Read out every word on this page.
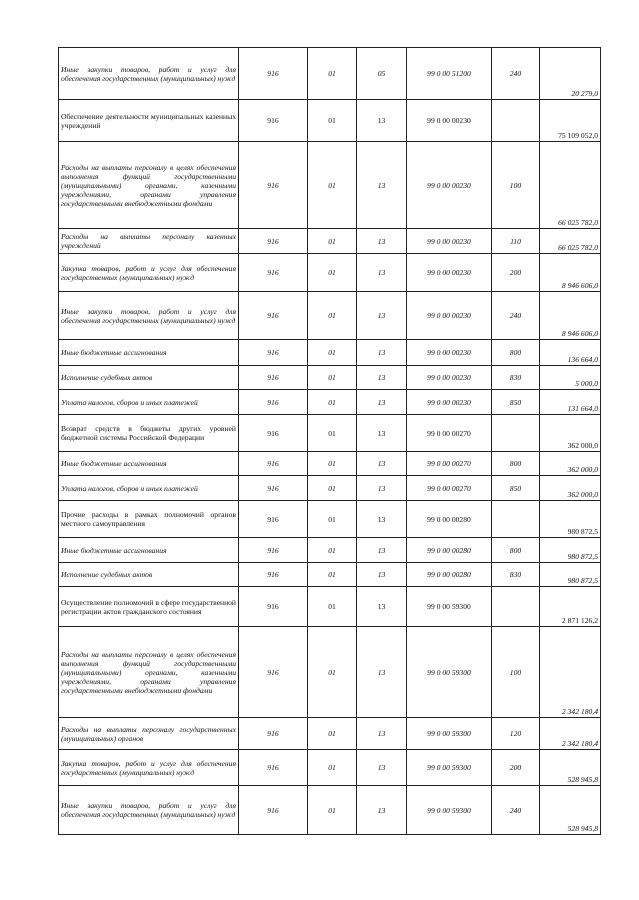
Иные закупки товаров, работ и услуг для обеспечения государственных (муниципальных) нужд	916	01	05	99 0 00 51200	240	20 279,0
Обеспечение деятельности муниципальных казенных учреждений	916	01	13	99 0 00 00230		75 109 052,0
Расходы на выплаты персоналу в целях обеспечения выполнения функций государственными (муниципальными) органами, казенными учреждениями, органами управления государственными внебюджетными фондами	916	01	13	99 0 00 00230	100	66 025 782,0
Расходы на выплаты персоналу казенных учреждений	916	01	13	99 0 00 00230	110	66 025 782,0
Закупка товаров, работ и услуг для обеспечения государственных (муниципальных) нужд	916	01	13	99 0 00 00230	200	8 946 606,0
Иные закупки товаров, работ и услуг для обеспечения государственных (муниципальных) нужд	916	01	13	99 0 00 00230	240	8 946 606,0
Иные бюджетные ассигнования	916	01	13	99 0 00 00230	800	136 664,0
Исполнение судебных актов	916	01	13	99 0 00 00230	830	5 000,0
Уплата налогов, сборов и иных платежей	916	01	13	99 0 00 00230	850	131 664,0
Возврат средств в бюджеты других уровней бюджетной системы Российской Федерации	916	01	13	99 0 00 00270		362 000,0
Иные бюджетные ассигнования	916	01	13	99 0 00 00270	800	362 000,0
Уплата налогов, сборов и иных платежей	916	01	13	99 0 00 00270	850	362 000,0
Прочие расходы в рамках полномочий органов местного самоуправления	916	01	13	99 0 00 00280		980 872,5
Иные бюджетные ассигнования	916	01	13	99 0 00 00280	800	980 872,5
Исполнение судебных актов	916	01	13	99 0 00 00280	830	980 872,5
Осуществление полномочий в сфере государственной регистрации актов гражданского состояния	916	01	13	99 0 00 59300		2 871 126,2
Расходы на выплаты персоналу в целях обеспечения выполнения функций государственными (муниципальными) органами, казенными учреждениями, органами управления государственными внебюджетными фондами	916	01	13	99 0 00 59300	100	2 342 180,4
Расходы на выплаты персоналу государственных (муниципальных) органов	916	01	13	99 0 00 59300	120	2 342 180,4
Закупка товаров, работ и услуг для обеспечения государственных (муниципальных) нужд	916	01	13	99 0 00 59300	200	528 945,8
Иные закупки товаров, работ и услуг для обеспечения государственных (муниципальных) нужд	916	01	13	99 0 00 59300	240	528 945,8
